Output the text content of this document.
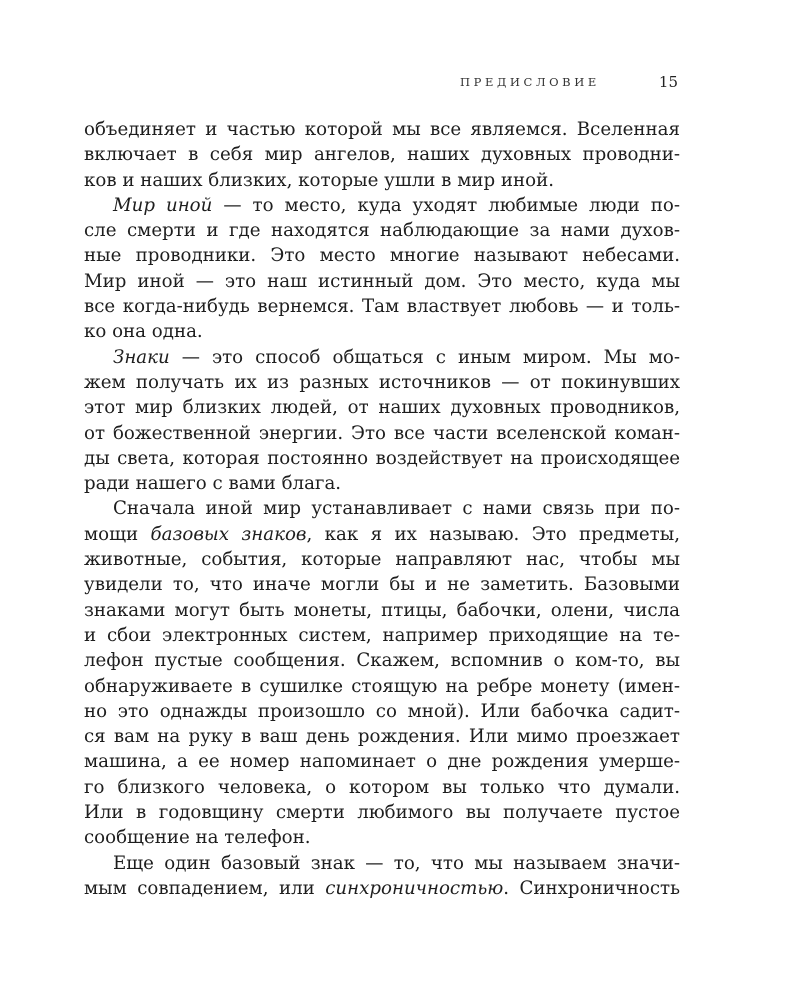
ПРЕДИСЛОВИЕ	15
объединяет и частью которой мы все являемся. Вселенная
включает в себя мир ангелов, наших духовных проводни-
ков и наших близких, которые ушли в мир иной.
Мир иной — то место, куда уходят любимые люди по-
сле смерти и где находятся наблюдающие за нами духов-
ные проводники. Это место многие называют небесами.
Мир иной — это наш истинный дом. Это место, куда мы
все когда-нибудь вернемся. Там властвует любовь — и толь-
ко она одна.
Знаки — это способ общаться с иным миром. Мы мо-
жем получать их из разных источников — от покинувших
этот мир близких людей, от наших духовных проводников,
от божественной энергии. Это все части вселенской коман-
ды света, которая постоянно воздействует на происходящее
ради нашего с вами блага.
Сначала иной мир устанавливает с нами связь при по-
мощи базовых знаков, как я их называю. Это предметы,
животные, события, которые направляют нас, чтобы мы
увидели то, что иначе могли бы и не заметить. Базовыми
знаками могут быть монеты, птицы, бабочки, олени, числа
и сбои электронных систем, например приходящие на те-
лефон пустые сообщения. Скажем, вспомнив о ком-то, вы
обнаруживаете в сушилке стоящую на ребре монету (имен-
но это однажды произошло со мной). Или бабочка садит-
ся вам на руку в ваш день рождения. Или мимо проезжает
машина, а ее номер напоминает о дне рождения умерше-
го близкого человека, о котором вы только что думали.
Или в годовщину смерти любимого вы получаете пустое
сообщение на телефон.
Еще один базовый знак — то, что мы называем значи-
мым совпадением, или синхроничностью. Синхроничность
